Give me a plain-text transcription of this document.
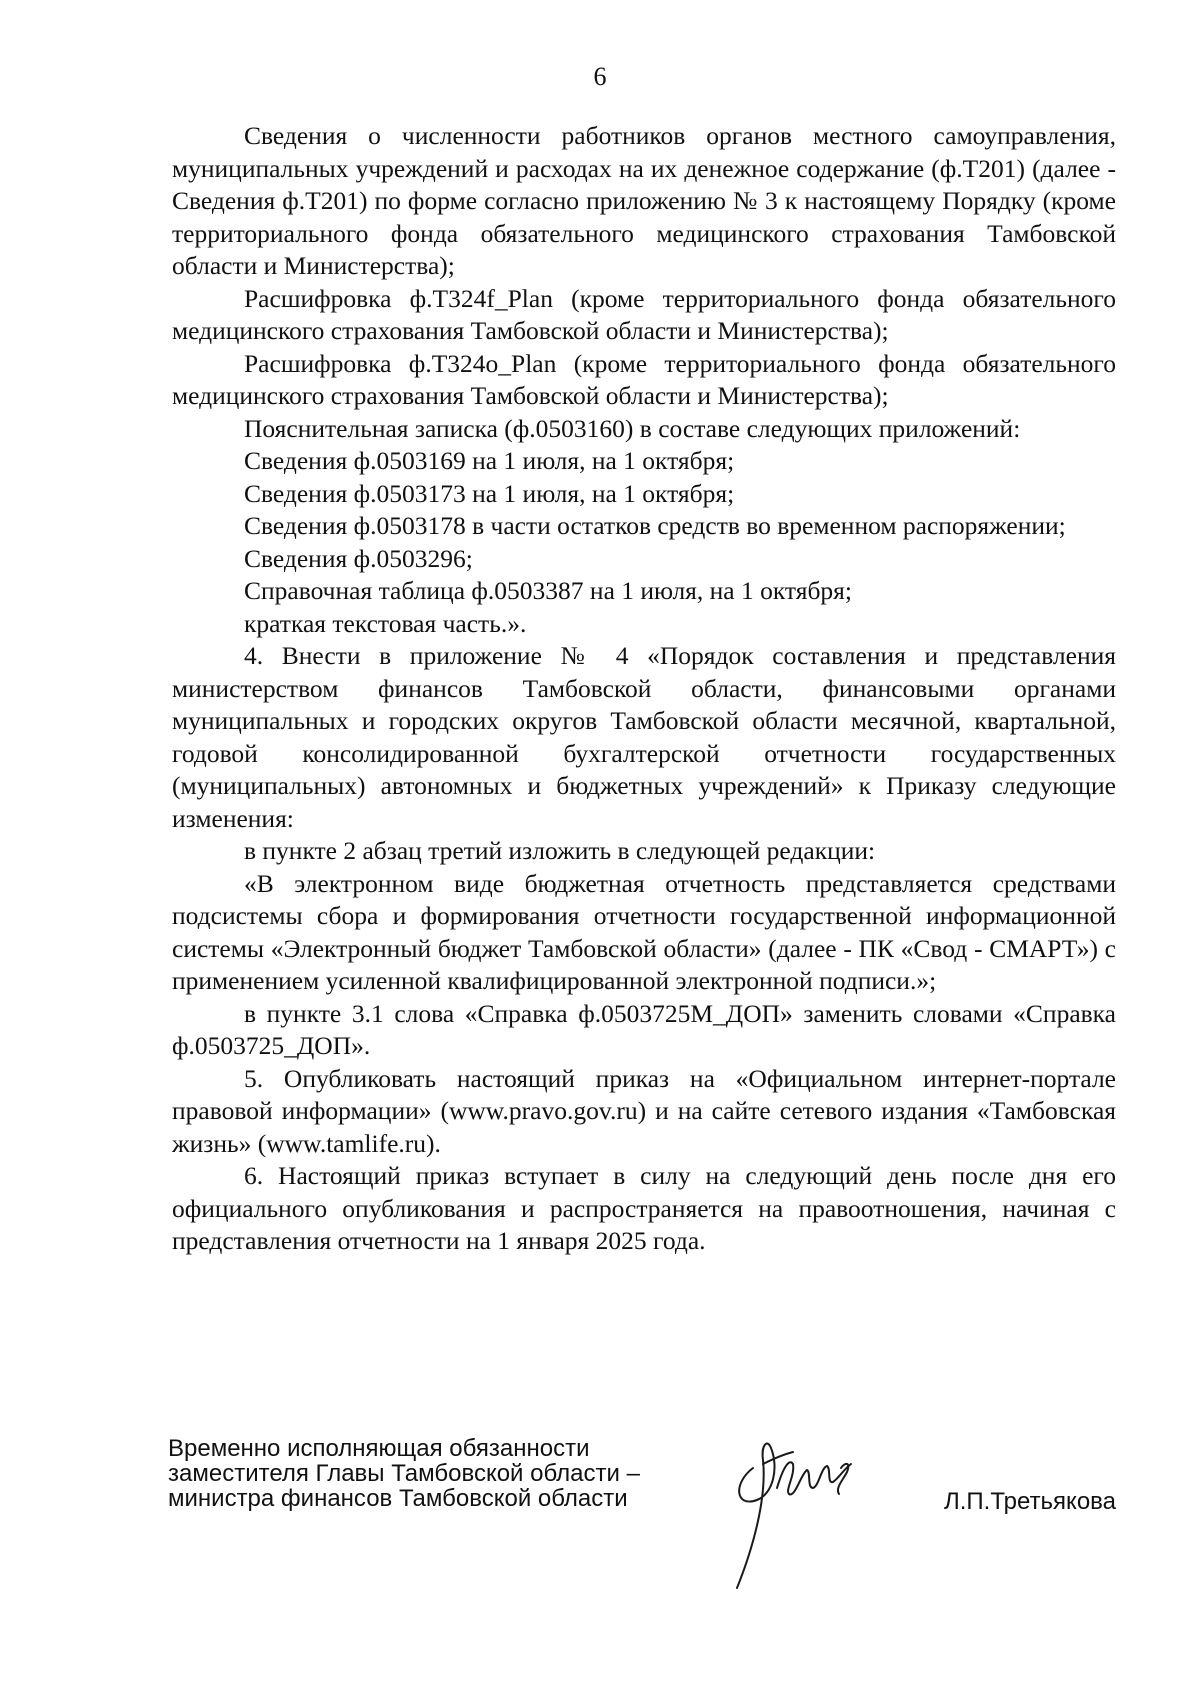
6

Сведения о численности работников органов местного самоуправления, муниципальных учреждений и расходах на их денежное содержание (ф.Т201) (далее - Сведения ф.Т201) по форме согласно приложению № 3 к настоящему Порядку (кроме территориального фонда обязательного медицинского страхования Тамбовской области и Министерства);

Расшифровка ф.Т324f_Plan (кроме территориального фонда обязательного медицинского страхования Тамбовской области и Министерства);

Расшифровка ф.Т324o_Plan (кроме территориального фонда обязательного медицинского страхования Тамбовской области и Министерства);

Пояснительная записка (ф.0503160) в составе следующих приложений:

Сведения ф.0503169 на 1 июля, на 1 октября;

Сведения ф.0503173 на 1 июля, на 1 октября;

Сведения ф.0503178 в части остатков средств во временном распоряжении;

Сведения ф.0503296;

Справочная таблица ф.0503387 на 1 июля, на 1 октября;

краткая текстовая часть.».

4. Внести в приложение № 4 «Порядок составления и представления министерством финансов Тамбовской области, финансовыми органами муниципальных и городских округов Тамбовской области месячной, квартальной, годовой консолидированной бухгалтерской отчетности государственных (муниципальных) автономных и бюджетных учреждений» к Приказу следующие изменения:

в пункте 2 абзац третий изложить в следующей редакции:

«В электронном виде бюджетная отчетность представляется средствами подсистемы сбора и формирования отчетности государственной информационной системы «Электронный бюджет Тамбовской области» (далее - ПК «Свод - СМАРТ») с применением усиленной квалифицированной электронной подписи.»;

в пункте 3.1 слова «Справка ф.0503725M_ДОП» заменить словами «Справка ф.0503725_ДОП».

5. Опубликовать настоящий приказ на «Официальном интернет-портале правовой информации» (www.pravo.gov.ru) и на сайте сетевого издания «Тамбовская жизнь» (www.tamlife.ru).

6. Настоящий приказ вступает в силу на следующий день после дня его официального опубликования и распространяется на правоотношения, начиная с представления отчетности на 1 января 2025 года.

Временно исполняющая обязанности
заместителя Главы Тамбовской области –
министра финансов Тамбовской области	Л.П.Третьякова
